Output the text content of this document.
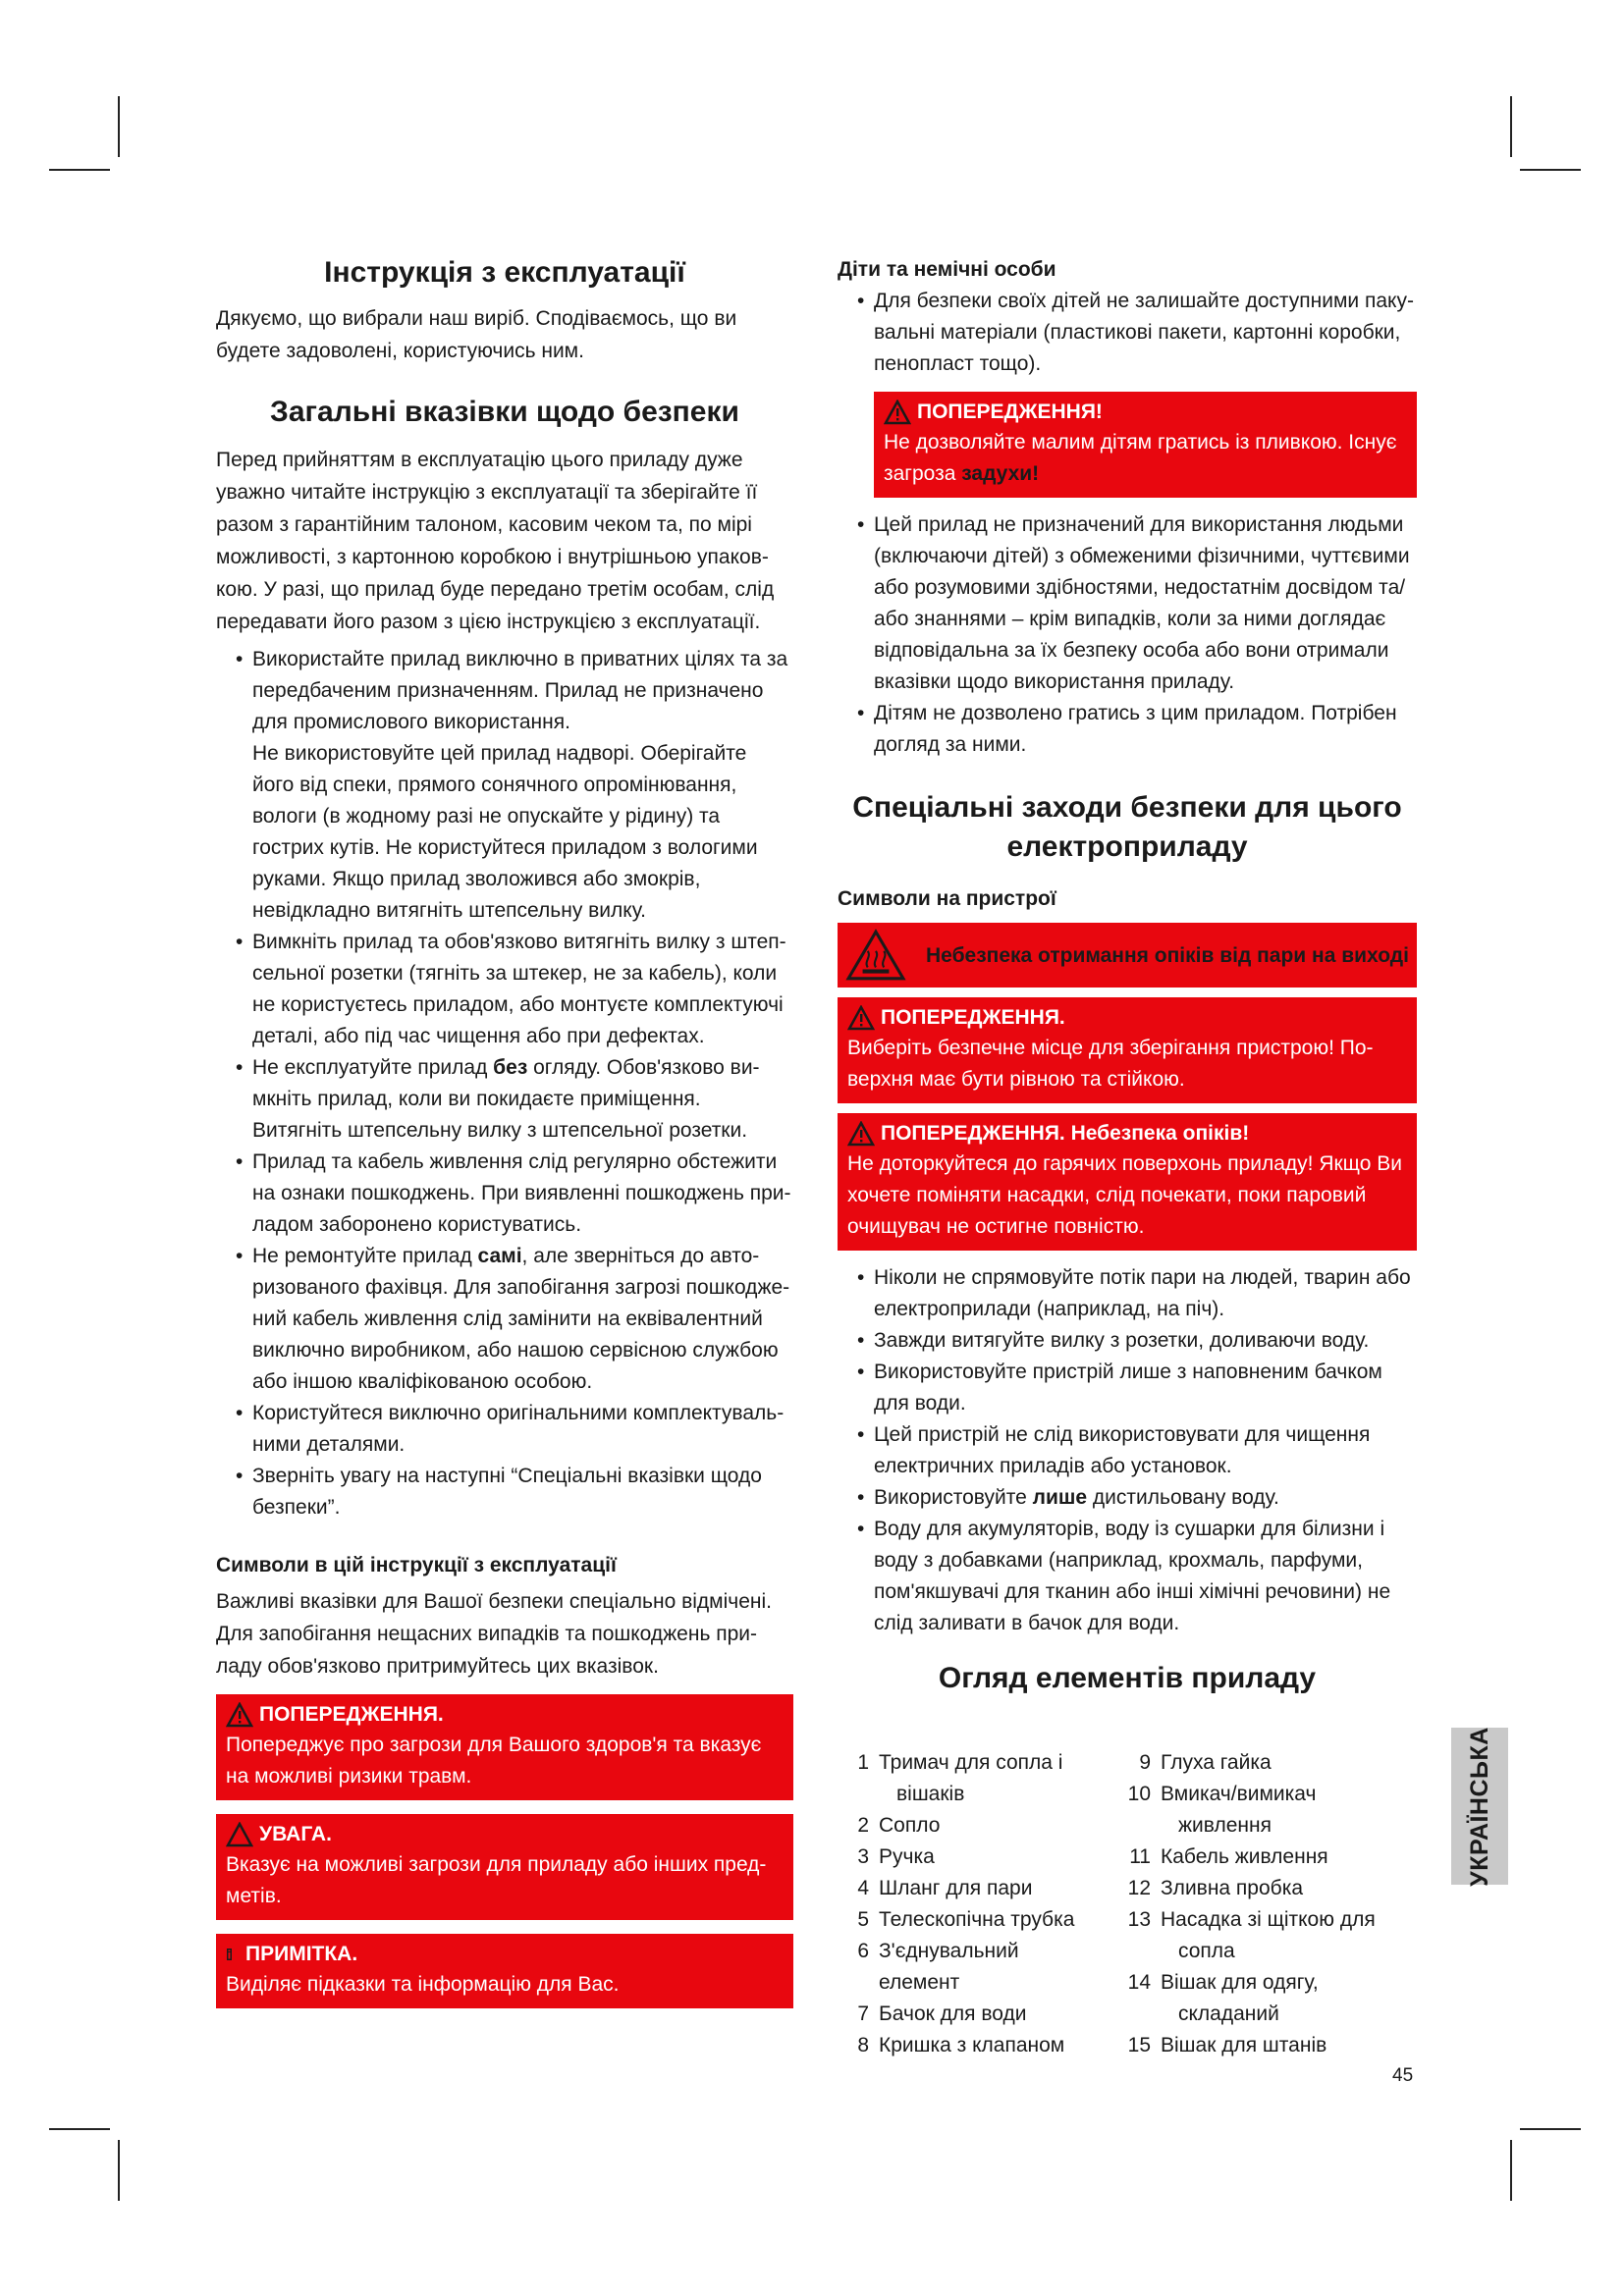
Інструкція з експлуатації

Дякуємо, що вибрали наш виріб. Сподіваємось, що ви будете задоволені, користуючись ним.

Загальні вказівки щодо безпеки

Перед прийняттям в експлуатацію цього приладу дуже уважно читайте інструкцію з експлуатації та зберігайте її разом з гарантійним талоном, касовим чеком та, по мірі можливості, з картонною коробкою і внутрішньою упаков-кою. У разі, що прилад буде передано третім особам, слід передавати його разом з цією інструкцією з експлуатації.

• Використайте прилад виключно в приватних цілях та за передбаченим призначенням. Прилад не призначено для промислового використання.

Не використовуйте цей прилад надворі. Оберігайте його від спеки, прямого сонячного опромінювання, вологи (в жодному разі не опускайте у рідину) та гострих кутів. Не користуйтеся приладом з вологими руками. Якщо прилад зволожився або змокрів, невідкладно витягніть штепсельну вилку.

• Вимкніть прилад та обов'язково витягніть вилку з штеп-сельної розетки (тягніть за штекер, не за кабель), коли не користуєтесь приладом, або монтуєте комплектуючі деталі, або під час чищення або при дефектах.

• Не експлуатуйте прилад без огляду. Обов'язково ви-мкніть прилад, коли ви покидаєте приміщення. Витягніть штепсельну вилку з штепсельної розетки.

• Прилад та кабель живлення слід регулярно обстежити на ознаки пошкоджень. При виявленні пошкоджень при-ладом заборонено користуватись.

• Не ремонтуйте прилад самі, але зверніться до авто-ризованого фахівця. Для запобігання загрозі пошкодже-ний кабель живлення слід замінити на еквівалентний виключно виробником, або нашою сервісною службою або іншою кваліфікованою особою.

• Користуйтеся виключно оригінальними комплектуваль-ними деталями.

• Зверніть увагу на наступні “Спеціальні вказівки щодо безпеки”.

Символи в цій інструкції з експлуатації

Важливі вказівки для Вашої безпеки спеціально відмічені. Для запобігання нещасних випадків та пошкоджень при-ладу обов'язково притримуйтесь цих вказівок.

ПОПЕРЕДЖЕННЯ.
Попереджує про загрози для Вашого здоров'я та вказує на можливі ризики травм.
УВАГА.
Вказує на можливі загрози для приладу або інших пред-метів.
ПРИМІТКА.
Виділяє підказки та інформацію для Вас.
Діти та немічні особи

• Для безпеки своїх дітей не залишайте доступними паку-вальні матеріали (пластикові пакети, картонні коробки, пенопласт тощо).

ПОПЕРЕДЖЕННЯ!
Не дозволяйте малим дітям гратись із пливкою. Існує загроза задухи!

• Цей прилад не призначений для використання людьми (включаючи дітей) з обмеженими фізичними, чуттєвими або розумовими здібностями, недостатнім досвідом та/ або знаннями – крім випадків, коли за ними доглядає відповідальна за їх безпеку особа або вони отримали вказівки щодо використання приладу.

• Дітям не дозволено гратись з цим приладом. Потрібен догляд за ними.

Спеціальні заходи безпеки для цього
електроприладу
Символи на пристрої
Небезпека отримання опіків від пари на виході
ПОПЕРЕДЖЕННЯ.
Виберіть безпечне місце для зберігання пристрою! По-верхня має бути рівною та стійкою.
ПОПЕРЕДЖЕННЯ. Небезпека опіків!
Не доторкуйтеся до гарячих поверхонь приладу! Якщо Ви хочете поміняти насадки, слід почекати, поки паровий очищувач не остигне повністю.

• Ніколи не спрямовуйте потік пари на людей, тварин або електроприлади (наприклад, на піч).

• Завжди витягуйте вилку з розетки, доливаючи воду.

• Використовуйте пристрій лише з наповненим бачком для води.

• Цей пристрій не слід використовувати для чищення електричних приладів або установок.

• Використовуйте лише дистильовану воду.

• Воду для акумуляторів, воду із сушарки для білизни і воду з добавками (наприклад, крохмаль, парфуми, пом'якшувачі для тканин або інші хімічні речовини) не слід заливати в бачок для води.

Огляд елементів приладу
1 Тримач для сопла і
вішаків
2 Сопло
3 Ручка
4 Шланг для пари
5 Телескопічна трубка
6 З'єднувальний елемент
7 Бачок для води
8 Кришка з клапаном
9 Глуха гайка
10 Вмикач/вимикач
живлення
11 Кабель живлення
12 Зливна пробка
13 Насадка зі щіткою для
сопла
14 Вішак для одягу,
складаний
15 Вішак для штанів
УКРАЇНСЬКА
45
